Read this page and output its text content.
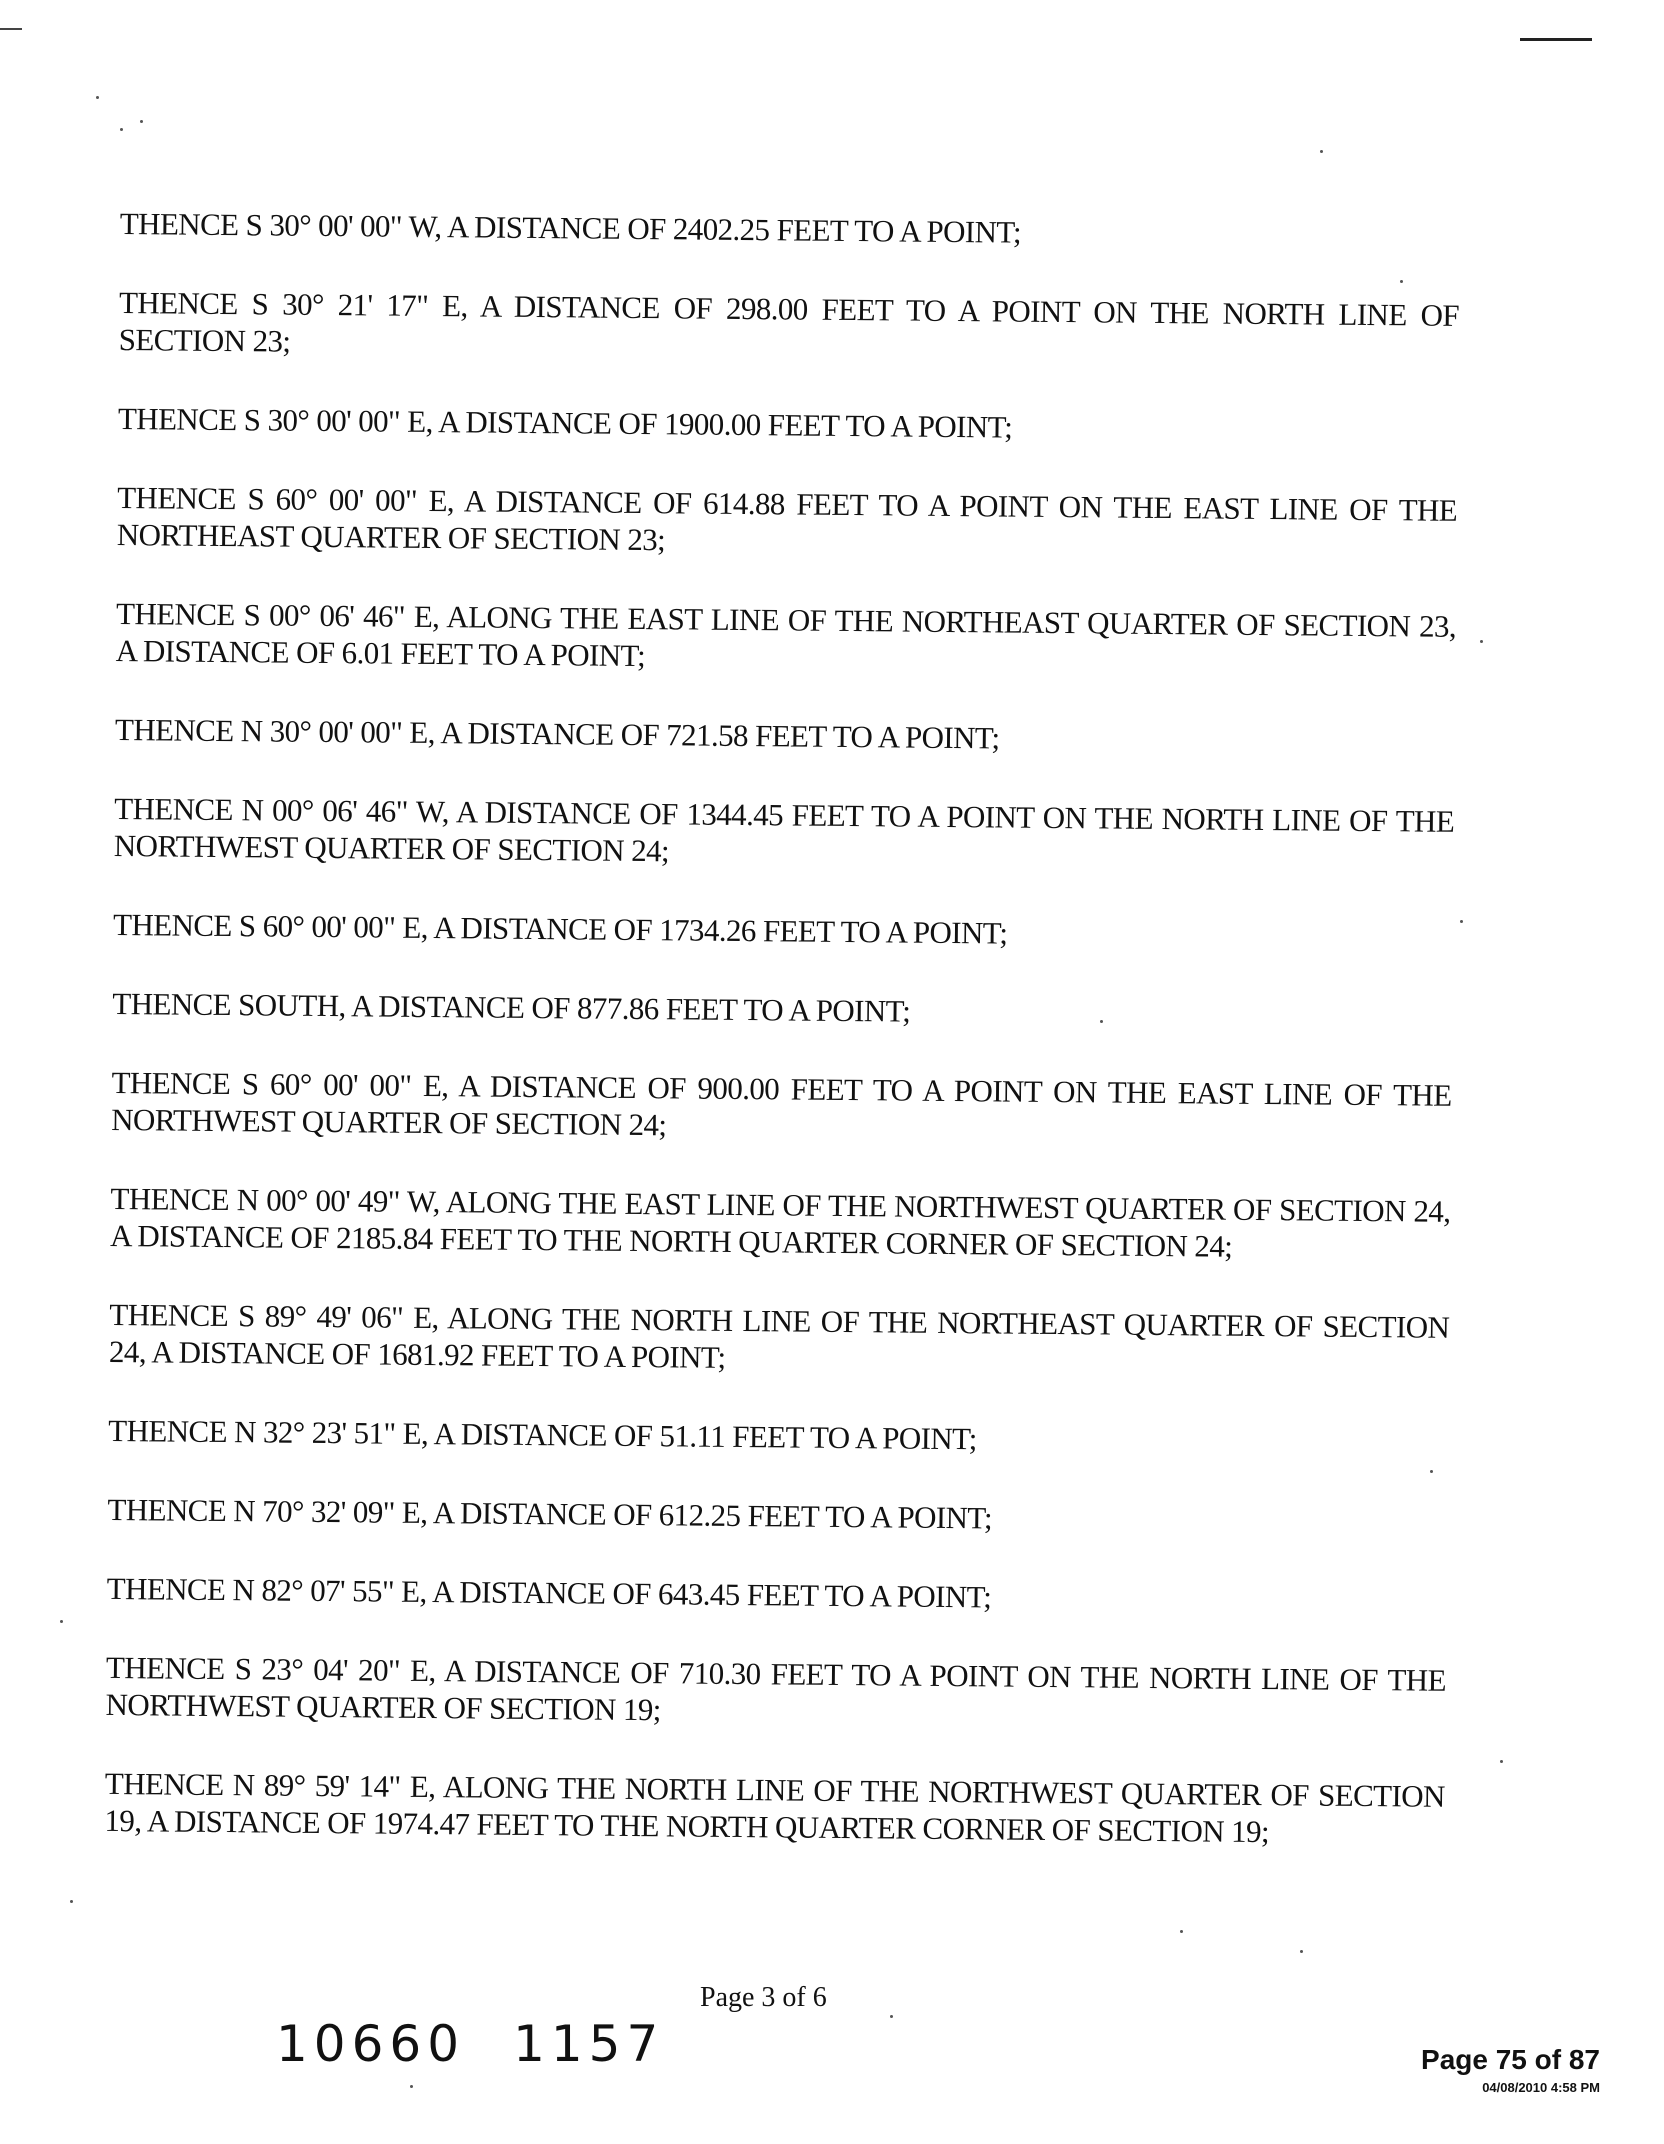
THENCE S 30° 00' 00" W, A DISTANCE OF 2402.25 FEET TO A POINT;

THENCE S 30° 21' 17" E, A DISTANCE OF 298.00 FEET TO A POINT ON THE NORTH LINE OF SECTION 23;

THENCE S 30° 00' 00" E, A DISTANCE OF 1900.00 FEET TO A POINT;

THENCE S 60° 00' 00" E, A DISTANCE OF 614.88 FEET TO A POINT ON THE EAST LINE OF THE NORTHEAST QUARTER OF SECTION 23;

THENCE S 00° 06' 46" E, ALONG THE EAST LINE OF THE NORTHEAST QUARTER OF SECTION 23, A DISTANCE OF 6.01 FEET TO A POINT;

THENCE N 30° 00' 00" E, A DISTANCE OF 721.58 FEET TO A POINT;

THENCE N 00° 06' 46" W, A DISTANCE OF 1344.45 FEET TO A POINT ON THE NORTH LINE OF THE NORTHWEST QUARTER OF SECTION 24;

THENCE S 60° 00' 00" E, A DISTANCE OF 1734.26 FEET TO A POINT;

THENCE SOUTH, A DISTANCE OF 877.86 FEET TO A POINT;

THENCE S 60° 00' 00" E, A DISTANCE OF 900.00 FEET TO A POINT ON THE EAST LINE OF THE NORTHWEST QUARTER OF SECTION 24;

THENCE N 00° 00' 49" W, ALONG THE EAST LINE OF THE NORTHWEST QUARTER OF SECTION 24, A DISTANCE OF 2185.84 FEET TO THE NORTH QUARTER CORNER OF SECTION 24;

THENCE S 89° 49' 06" E, ALONG THE NORTH LINE OF THE NORTHEAST QUARTER OF SECTION 24, A DISTANCE OF 1681.92 FEET TO A POINT;

THENCE N 32° 23' 51" E, A DISTANCE OF 51.11 FEET TO A POINT;

THENCE N 70° 32' 09" E, A DISTANCE OF 612.25 FEET TO A POINT;

THENCE N 82° 07' 55" E, A DISTANCE OF 643.45 FEET TO A POINT;

THENCE S 23° 04' 20" E, A DISTANCE OF 710.30 FEET TO A POINT ON THE NORTH LINE OF THE NORTHWEST QUARTER OF SECTION 19;

THENCE N 89° 59' 14" E, ALONG THE NORTH LINE OF THE NORTHWEST QUARTER OF SECTION 19, A DISTANCE OF 1974.47 FEET TO THE NORTH QUARTER CORNER OF SECTION 19;

Page 3 of 6
10660 1157	Page 75 of 87
04/08/2010 4:58 PM
